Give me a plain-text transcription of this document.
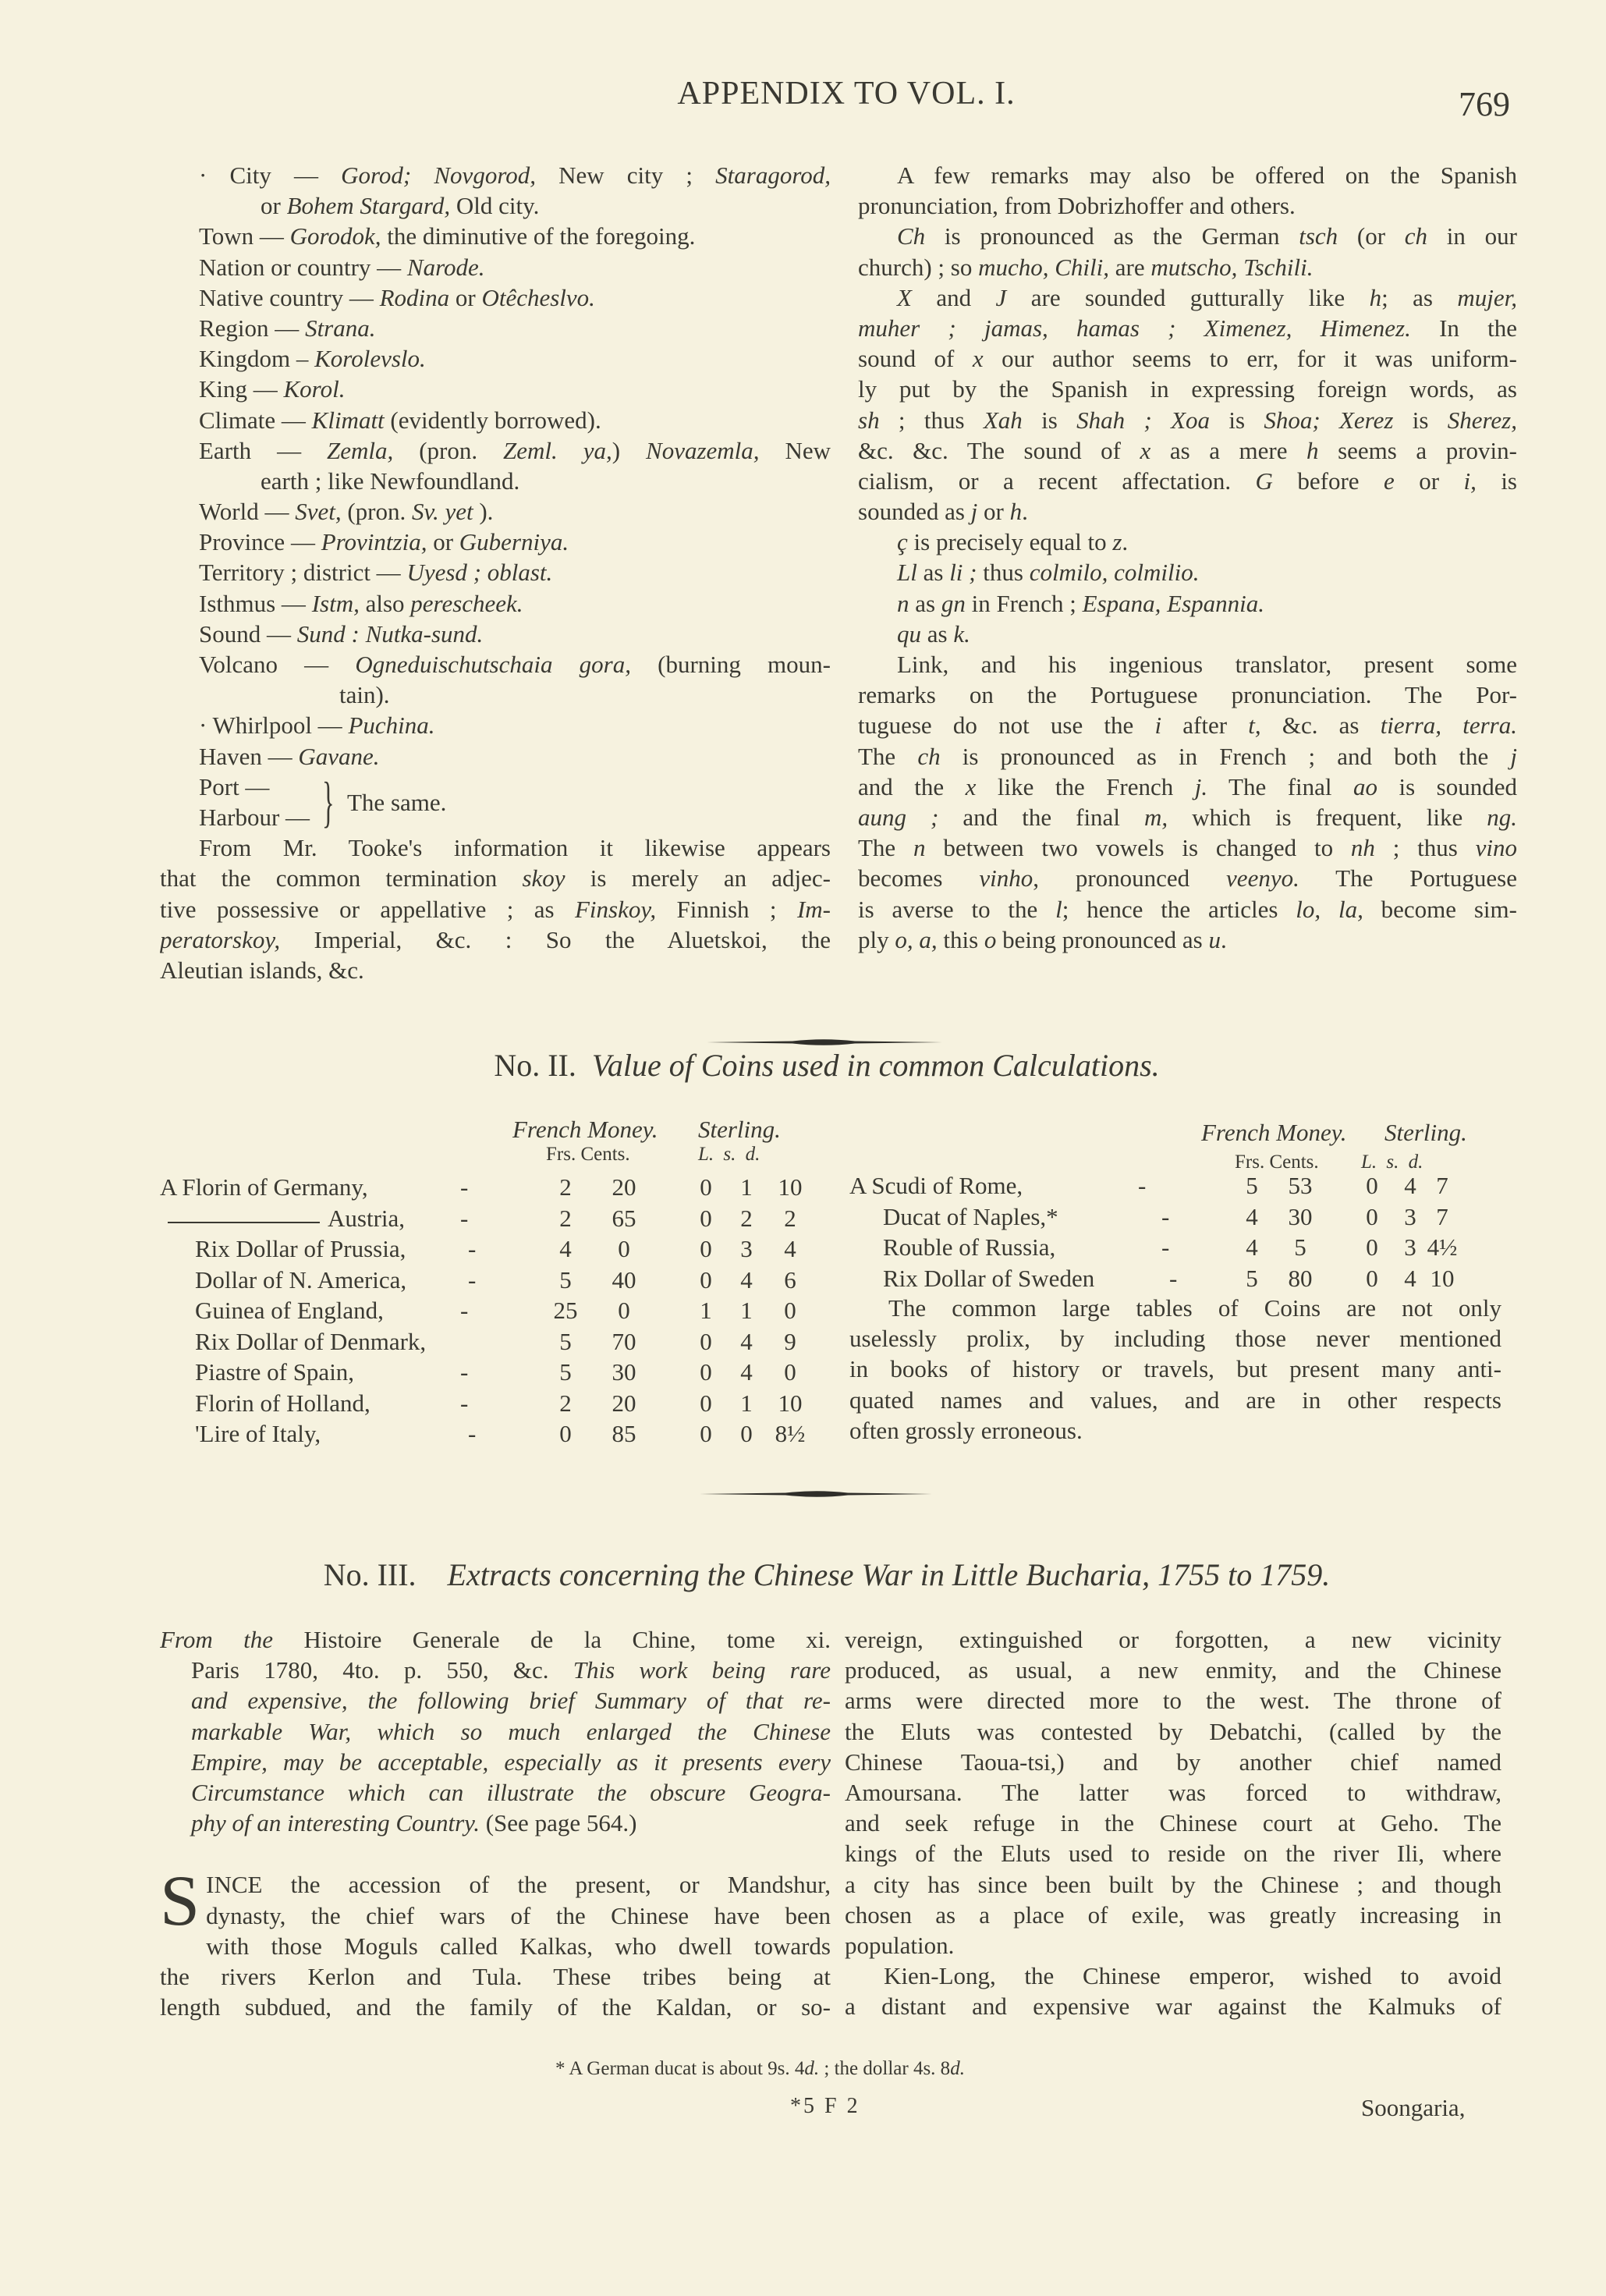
APPENDIX TO VOL. I.	769
· City — Gorod; Novgorod, New city ; Staragorod,
or Bohem Stargard, Old city.
Town — Gorodok, the diminutive of the foregoing.
Nation or country — Narode.
Native country — Rodina or Otêcheslvo.
Region — Strana.
Kingdom – Korolevslo.
King — Korol.
Climate — Klimatt (evidently borrowed).
Earth — Zemla, (pron. Zeml. ya,) Novazemla, New
earth ; like Newfoundland.
World — Svet, (pron. Sv. yet ).
Province — Provintzia, or Guberniya.
Territory ; district — Uyesd ; oblast.
Isthmus — Istm, also perescheek.
Sound — Sund : Nutka-sund.
Volcano — Ogneduischutschaia gora, (burning moun-
tain).
· Whirlpool — Puchina.
Haven — Gavane.
Port —
Harbour — } The same.
From Mr. Tooke's information it likewise appears
that the common termination skoy is merely an adjec-
tive possessive or appellative ; as Finskoy, Finnish ; Im-
peratorskoy, Imperial, &c. : So the Aluetskoi, the
Aleutian islands, &c.
A few remarks may also be offered on the Spanish
pronunciation, from Dobrizhoffer and others.
Ch is pronounced as the German tsch (or ch in our
church) ; so mucho, Chili, are mutscho, Tschili.
X and J are sounded gutturally like h; as mujer,
muher ; jamas, hamas ; Ximenez, Himenez. In the
sound of x our author seems to err, for it was uniform-
ly put by the Spanish in expressing foreign words, as
sh ; thus Xah is Shah ; Xoa is Shoa; Xerez is Sherez,
&c. &c. The sound of x as a mere h seems a provin-
cialism, or a recent affectation. G before e or i, is
sounded as j or h.
ç is precisely equal to z.
Ll as li ; thus colmilo, colmilio.
n as gn in French ; Espana, Espannia.
qu as k.
Link, and his ingenious translator, present some
remarks on the Portuguese pronunciation. The Por-
tuguese do not use the i after t, &c. as tierra, terra.
The ch is pronounced as in French ; and both the j
and the x like the French j. The final ao is sounded
aung ; and the final m, which is frequent, like ng.
The n between two vowels is changed to nh ; thus vino
becomes vinho, pronounced veenyo. The Portuguese
is averse to the l; hence the articles lo, la, become sim-
ply o, a, this o being pronounced as u.
No. II. Value of Coins used in common Calculations.
French Money. Sterling.
Frs. Cents.	L. s. d.
A Florin of Germany,	-	2	20	0	1	10
Austria, -	2	65	0	2	2
Rix Dollar of Prussia,	-	4	0	0	3	4
Dollar of N. America,	-	5	40	0	4	6
Guinea of England,	-	25	0	1	1	0
Rix Dollar of Denmark,	5	70	0	4	9
Piastre of Spain,	-	5	30	0	4	0
Florin of Holland,	-	2	20	0	1	10
'Lire of Italy,	-	0	85	0	0 8½
French Money. Sterling.
Frs. Cents. L. s. d.
A Scudi of Rome,	-	5	53	0	4 7
Ducat of Naples,*	-	4	30	0	3 7
Rouble of Russia,	-	4	5	0	3 4½
Rix Dollar of Sweden	-	5	80	0	4 10
The common large tables of Coins are not only
uselessly prolix, by including those never mentioned
in books of history or travels, but present many anti-
quated names and values, and are in other respects
often grossly erroneous.
No. III. Extracts concerning the Chinese War in Little Bucharia, 1755 to 1759.
From the Histoire Generale de la Chine, tome xi.
Paris 1780, 4to. p. 550, &c. This work being rare
and expensive, the following brief Summary of that re-
markable War, which so much enlarged the Chinese
Empire, may be acceptable, especially as it presents every
Circumstance which can illustrate the obscure Geogra-
phy of an interesting Country. (See page 564.)
S INCE the accession of the present, or Mandshur,
dynasty, the chief wars of the Chinese have been
with those Moguls called Kalkas, who dwell towards
the rivers Kerlon and Tula. These tribes being at
length subdued, and the family of the Kaldan, or so-
vereign, extinguished or forgotten, a new vicinity
produced, as usual, a new enmity, and the Chinese
arms were directed more to the west. The throne of
the Eluts was contested by Debatchi, (called by the
Chinese Taoua-tsi,) and by another chief named
Amoursana. The latter was forced to withdraw,
and seek refuge in the Chinese court at Geho. The
kings of the Eluts used to reside on the river Ili, where
a city has since been built by the Chinese ; and though
chosen as a place of exile, was greatly increasing in
population.
Kien-Long, the Chinese emperor, wished to avoid
a distant and expensive war against the Kalmuks of
* A German ducat is about 9s. 4d. ; the dollar 4s. 8d.
*5 F 2	Soongaria,
